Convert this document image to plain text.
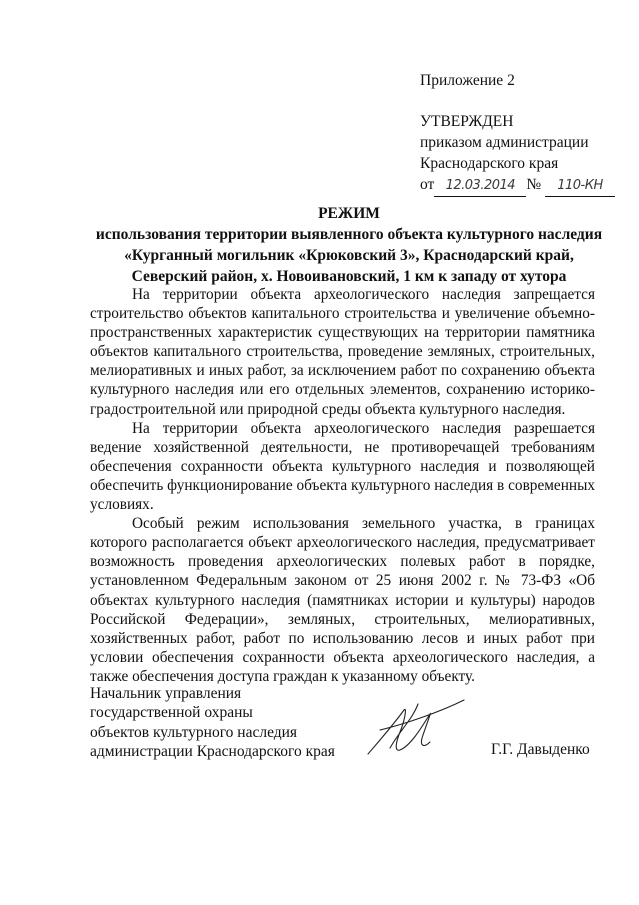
Приложение 2
УТВЕРЖДЕН
приказом администрации
Краснодарского края
от 12.03.2014 № 110-КН
РЕЖИМ
использования территории выявленного объекта культурного наследия
«Курганный могильник «Крюковский 3», Краснодарский край,
Северский район, х. Новоивановский, 1 км к западу от хутора

На территории объекта археологического наследия запрещается строительство объектов капитального строительства и увеличение объемно-пространственных характеристик существующих на территории памятника объектов капитального строительства, проведение земляных, строительных, мелиоративных и иных работ, за исключением работ по сохранению объекта культурного наследия или его отдельных элементов, сохранению историко-градостроительной или природной среды объекта культурного наследия.

На территории объекта археологического наследия разрешается ведение хозяйственной деятельности, не противоречащей требованиям обеспечения сохранности объекта культурного наследия и позволяющей обеспечить функционирование объекта культурного наследия в современных условиях.

Особый режим использования земельного участка, в границах которого располагается объект археологического наследия, предусматривает возможность проведения археологических полевых работ в порядке, установленном Федеральным законом от 25 июня 2002 г. № 73-ФЗ «Об объектах культурного наследия (памятниках истории и культуры) народов Российской Федерации», земляных, строительных, мелиоративных, хозяйственных работ, работ по использованию лесов и иных работ при условии обеспечения сохранности объекта археологического наследия, а также обеспечения доступа граждан к указанному объекту.

Начальник управления
государственной охраны
объектов культурного наследия
администрации Краснодарского края	Г.Г. Давыденко
